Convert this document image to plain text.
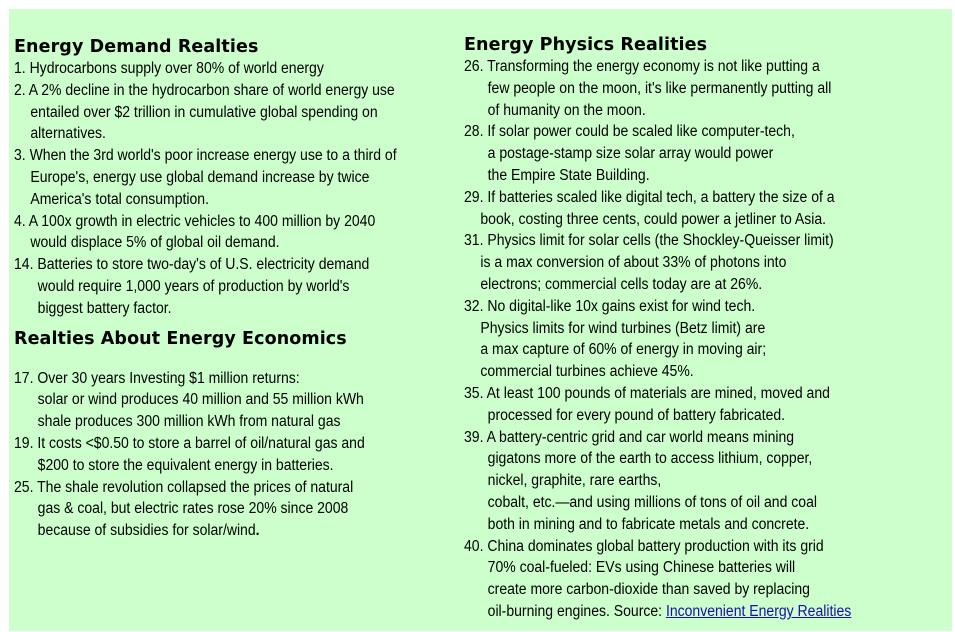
Energy Demand Realties
1. Hydrocarbons supply over 80% of world energy
2. A 2% decline in the hydrocarbon share of world energy use
entailed over $2 trillion in cumulative global spending on
alternatives.
3. When the 3rd world's poor increase energy use to a third of
Europe's, energy use global demand increase by twice
America's total consumption.
4. A 100x growth in electric vehicles to 400 million by 2040
would displace 5% of global oil demand.
14. Batteries to store two-day's of U.S. electricity demand
would require 1,000 years of production by world's
biggest battery factor.
Realties About Energy Economics
17. Over 30 years Investing $1 million returns:
solar or wind produces 40 million and 55 million kWh
shale produces 300 million kWh from natural gas
19. It costs <$0.50 to store a barrel of oil/natural gas and
$200 to store the equivalent energy in batteries.
25. The shale revolution collapsed the prices of natural
gas & coal, but electric rates rose 20% since 2008
because of subsidies for solar/wind.
Energy Physics Realities
26. Transforming the energy economy is not like putting a
few people on the moon, it's like permanently putting all
of humanity on the moon.
28. If solar power could be scaled like computer-tech,
a postage-stamp size solar array would power
the Empire State Building.
29. If batteries scaled like digital tech, a battery the size of a
book, costing three cents, could power a jetliner to Asia.
31. Physics limit for solar cells (the Shockley-Queisser limit)
is a max conversion of about 33% of photons into
electrons; commercial cells today are at 26%.
32. No digital-like 10x gains exist for wind tech.
Physics limits for wind turbines (Betz limit) are
a max capture of 60% of energy in moving air;
commercial turbines achieve 45%.
35. At least 100 pounds of materials are mined, moved and
processed for every pound of battery fabricated.
39. A battery-centric grid and car world means mining
gigatons more of the earth to access lithium, copper,
nickel, graphite, rare earths,
cobalt, etc.—and using millions of tons of oil and coal
both in mining and to fabricate metals and concrete.
40. China dominates global battery production with its grid
70% coal-fueled: EVs using Chinese batteries will
create more carbon-dioxide than saved by replacing
oil-burning engines. Source: Inconvenient Energy Realities
